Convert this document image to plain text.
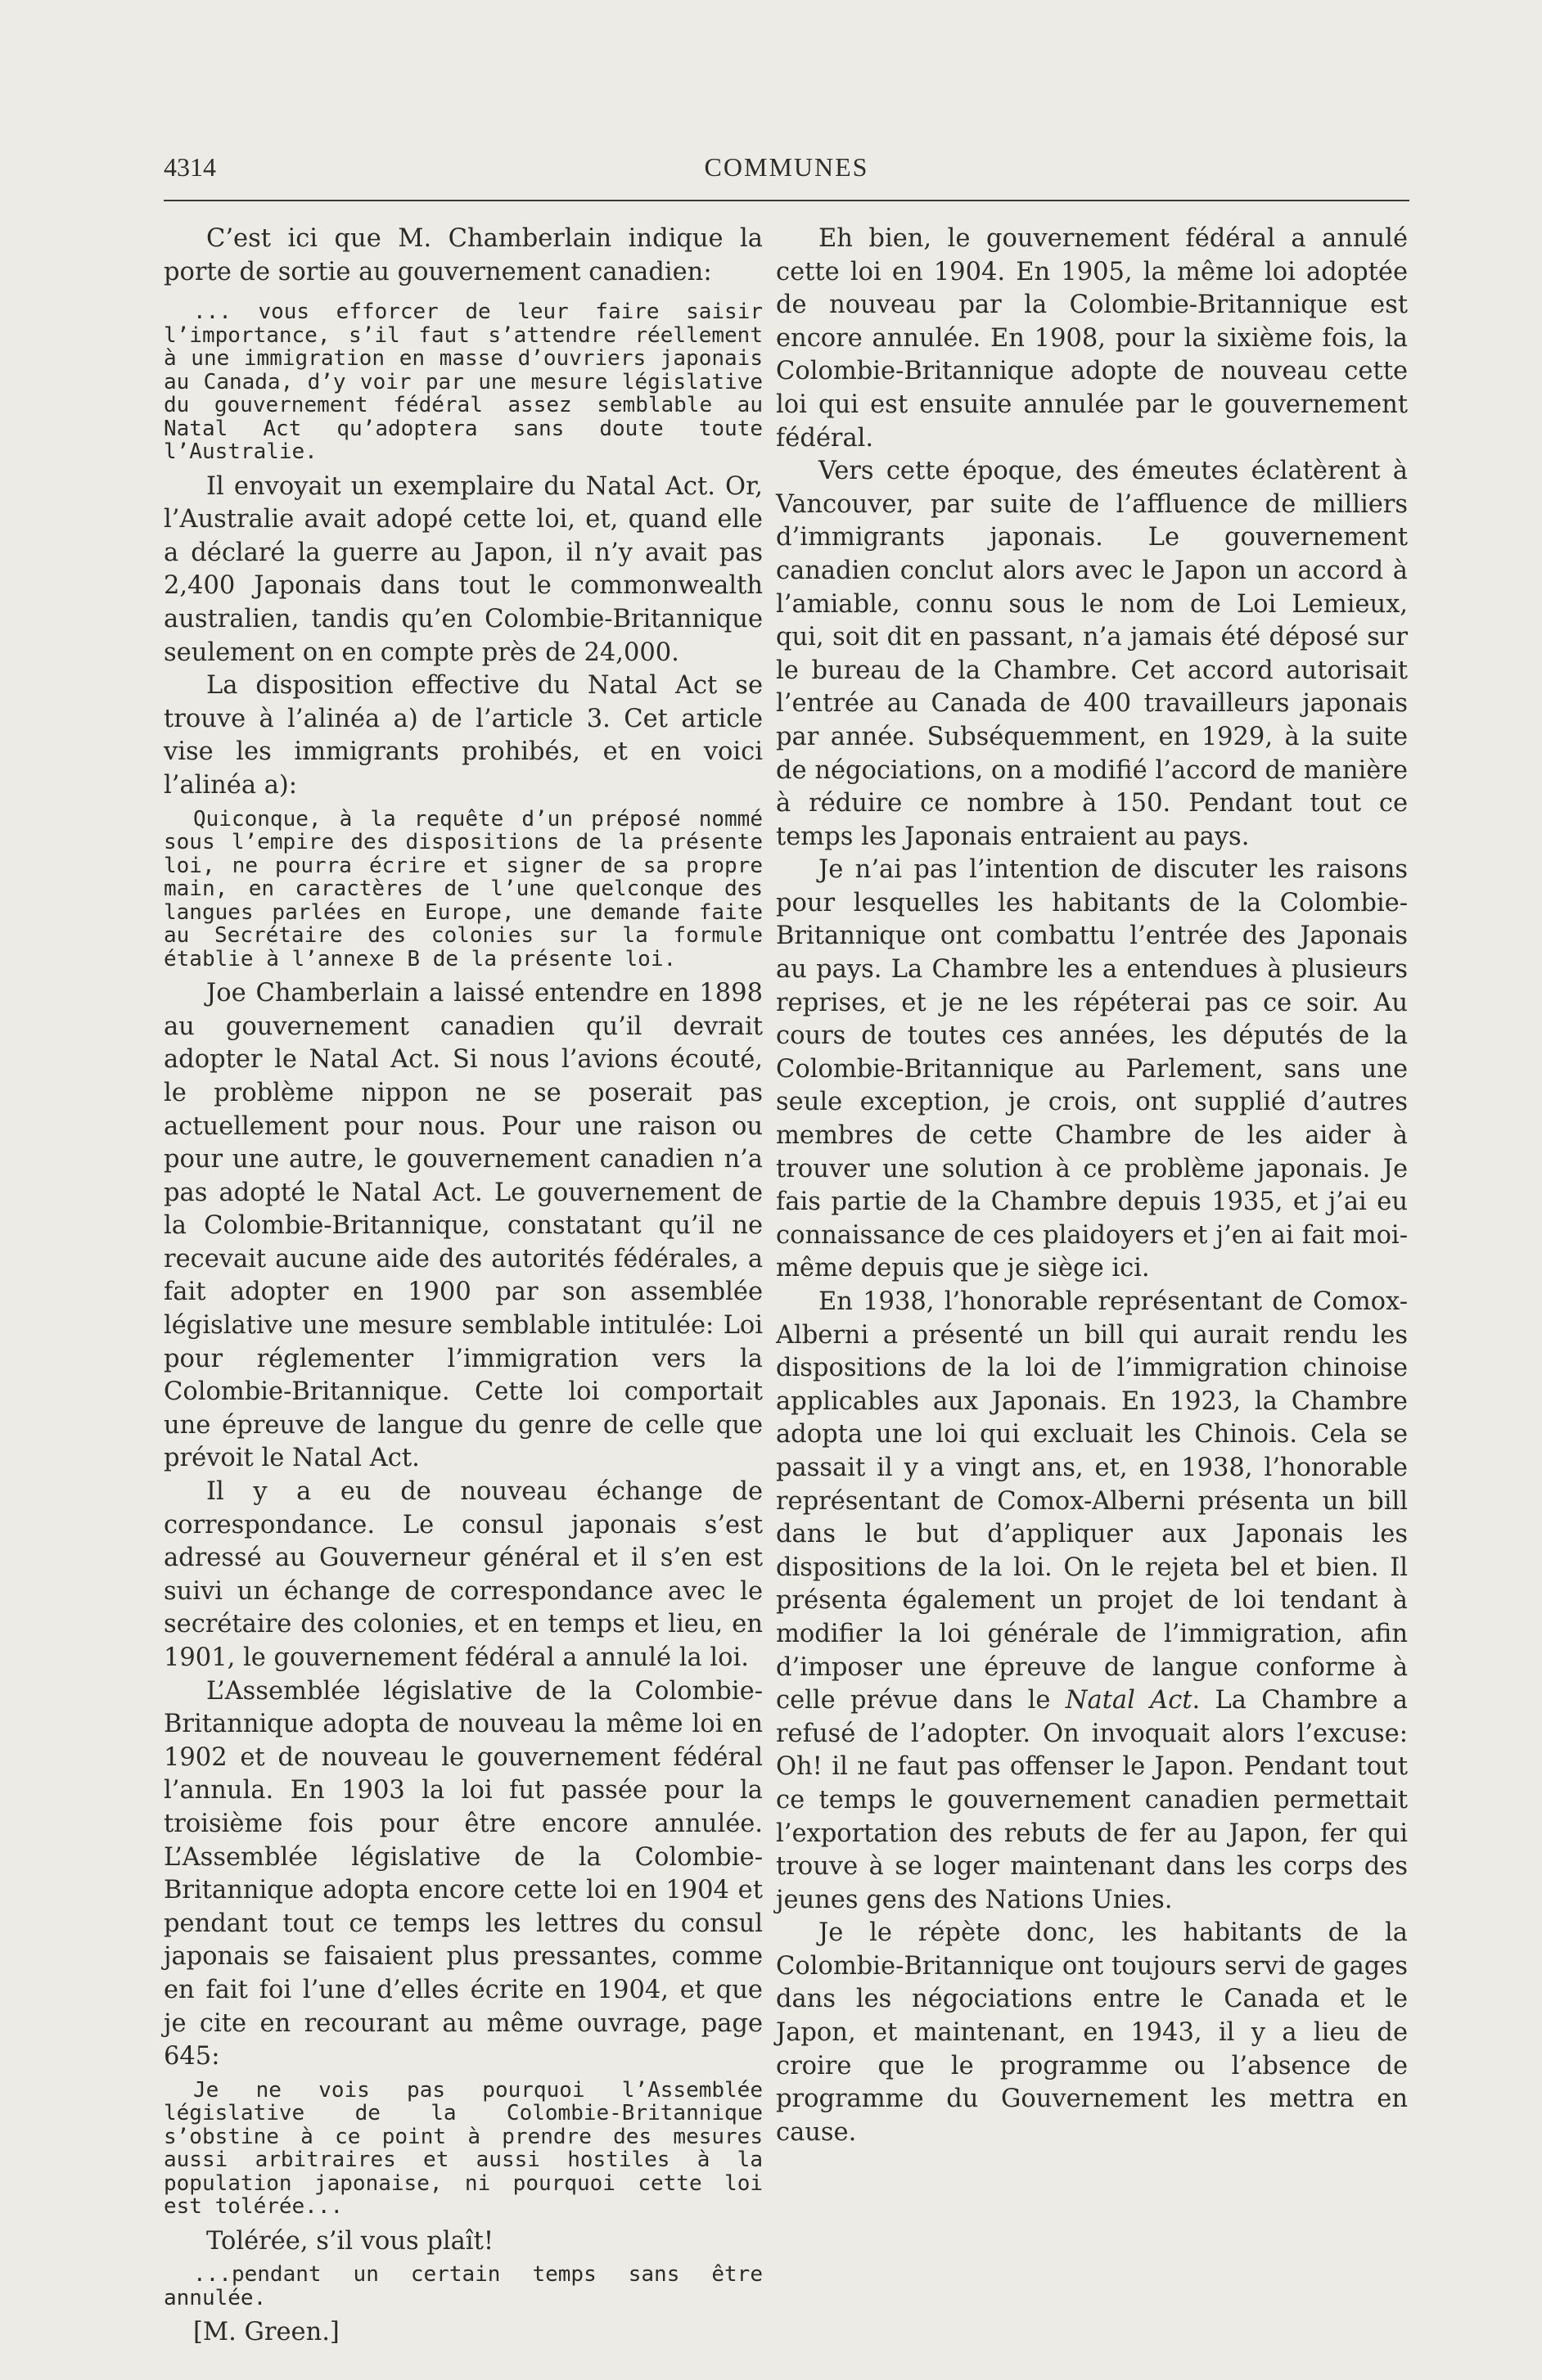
4314	COMMUNES

C’est ici que M. Chamberlain indique la porte de sortie au gouvernement canadien:

... vous efforcer de leur faire saisir l’importance, s’il faut s’attendre réellement à une immigration en masse d’ouvriers japonais au Canada, d’y voir par une mesure législative du gouvernement fédéral assez semblable au Natal Act qu’adoptera sans doute toute l’Australie.

Il envoyait un exemplaire du Natal Act. Or, l’Australie avait adopé cette loi, et, quand elle a déclaré la guerre au Japon, il n’y avait pas 2,400 Japonais dans tout le commonwealth australien, tandis qu’en Colombie-Britannique seulement on en compte près de 24,000.

La disposition effective du Natal Act se trouve à l’alinéa a) de l’article 3. Cet article vise les immigrants prohibés, et en voici l’alinéa a):

Quiconque, à la requête d’un préposé nommé sous l’empire des dispositions de la présente loi, ne pourra écrire et signer de sa propre main, en caractères de l’une quelconque des langues parlées en Europe, une demande faite au Secrétaire des colonies sur la formule établie à l’annexe B de la présente loi.

Joe Chamberlain a laissé entendre en 1898 au gouvernement canadien qu’il devrait adopter le Natal Act. Si nous l’avions écouté, le problème nippon ne se poserait pas actuellement pour nous. Pour une raison ou pour une autre, le gouvernement canadien n’a pas adopté le Natal Act. Le gouvernement de la Colombie-Britannique, constatant qu’il ne recevait aucune aide des autorités fédérales, a fait adopter en 1900 par son assemblée législative une mesure semblable intitulée: Loi pour réglementer l’immigration vers la Colombie-Britannique. Cette loi comportait une épreuve de langue du genre de celle que prévoit le Natal Act.

Il y a eu de nouveau échange de correspondance. Le consul japonais s’est adressé au Gouverneur général et il s’en est suivi un échange de correspondance avec le secrétaire des colonies, et en temps et lieu, en 1901, le gouvernement fédéral a annulé la loi.

L’Assemblée législative de la Colombie-Britannique adopta de nouveau la même loi en 1902 et de nouveau le gouvernement fédéral l’annula. En 1903 la loi fut passée pour la troisième fois pour être encore annulée. L’Assemblée législative de la Colombie-Britannique adopta encore cette loi en 1904 et pendant tout ce temps les lettres du consul japonais se faisaient plus pressantes, comme en fait foi l’une d’elles écrite en 1904, et que je cite en recourant au même ouvrage, page 645:

Je ne vois pas pourquoi l’Assemblée législative de la Colombie-Britannique s’obstine à ce point à prendre des mesures aussi arbitraires et aussi hostiles à la population japonaise, ni pourquoi cette loi est tolérée...

Tolérée, s’il vous plaît!

...pendant un certain temps sans être annulée.

[M. Green.]

Eh bien, le gouvernement fédéral a annulé cette loi en 1904. En 1905, la même loi adoptée de nouveau par la Colombie-Britannique est encore annulée. En 1908, pour la sixième fois, la Colombie-Britannique adopte de nouveau cette loi qui est ensuite annulée par le gouvernement fédéral.

Vers cette époque, des émeutes éclatèrent à Vancouver, par suite de l’affluence de milliers d’immigrants japonais. Le gouvernement canadien conclut alors avec le Japon un accord à l’amiable, connu sous le nom de Loi Lemieux, qui, soit dit en passant, n’a jamais été déposé sur le bureau de la Chambre. Cet accord autorisait l’entrée au Canada de 400 travailleurs japonais par année. Subséquemment, en 1929, à la suite de négociations, on a modifié l’accord de manière à réduire ce nombre à 150. Pendant tout ce temps les Japonais entraient au pays.

Je n’ai pas l’intention de discuter les raisons pour lesquelles les habitants de la Colombie-Britannique ont combattu l’entrée des Japonais au pays. La Chambre les a entendues à plusieurs reprises, et je ne les répéterai pas ce soir. Au cours de toutes ces années, les députés de la Colombie-Britannique au Parlement, sans une seule exception, je crois, ont supplié d’autres membres de cette Chambre de les aider à trouver une solution à ce problème japonais. Je fais partie de la Chambre depuis 1935, et j’ai eu connaissance de ces plaidoyers et j’en ai fait moi-même depuis que je siège ici.

En 1938, l’honorable représentant de Comox-Alberni a présenté un bill qui aurait rendu les dispositions de la loi de l’immigration chinoise applicables aux Japonais. En 1923, la Chambre adopta une loi qui excluait les Chinois. Cela se passait il y a vingt ans, et, en 1938, l’honorable représentant de Comox-Alberni présenta un bill dans le but d’appliquer aux Japonais les dispositions de la loi. On le rejeta bel et bien. Il présenta également un projet de loi tendant à modifier la loi générale de l’immigration, afin d’imposer une épreuve de langue conforme à celle prévue dans le Natal Act. La Chambre a refusé de l’adopter. On invoquait alors l’excuse: Oh! il ne faut pas offenser le Japon. Pendant tout ce temps le gouvernement canadien permettait l’exportation des rebuts de fer au Japon, fer qui trouve à se loger maintenant dans les corps des jeunes gens des Nations Unies.

Je le répète donc, les habitants de la Colombie-Britannique ont toujours servi de gages dans les négociations entre le Canada et le Japon, et maintenant, en 1943, il y a lieu de croire que le programme ou l’absence de programme du Gouvernement les mettra en cause.
